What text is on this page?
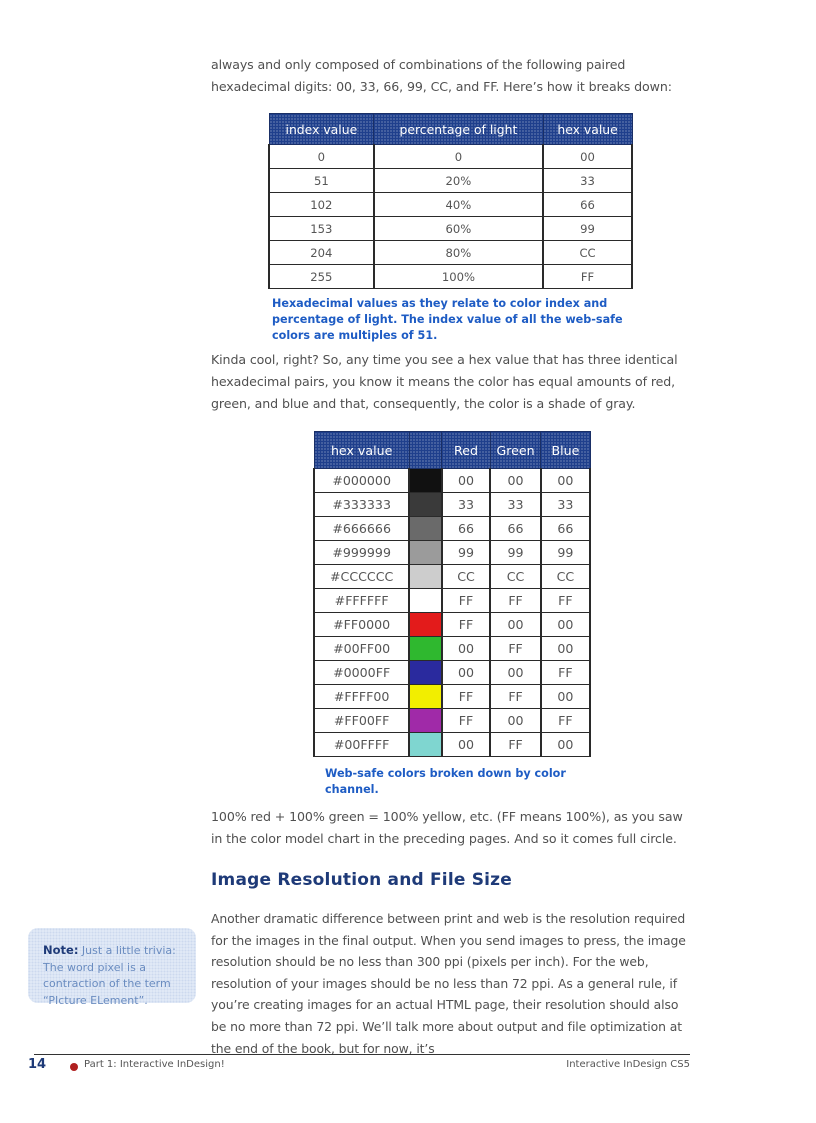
always and only composed of combinations of the following paired hexadecimal digits: 00, 33, 66, 99, CC, and FF. Here’s how it breaks down:

index value	percentage of light	hex value
0	0	00
51	20%	33
102	40%	66
153	60%	99
204	80%	CC
255	100%	FF

Hexadecimal values as they relate to color index and percentage of light. The index value of all the web-safe colors are multiples of 51.

Kinda cool, right? So, any time you see a hex value that has three identical hexadecimal pairs, you know it means the color has equal amounts of red, green, and blue and that, consequently, the color is a shade of gray.

hex value		Red	Green	Blue
#000000		00	00	00
#333333		33	33	33
#666666		66	66	66
#999999		99	99	99
#CCCCCC		CC	CC	CC
#FFFFFF		FF	FF	FF
#FF0000		FF	00	00
#00FF00		00	FF	00
#0000FF		00	00	FF
#FFFF00		FF	FF	00
#FF00FF		FF	00	FF
#00FFFF		00	FF	00

Web-safe colors broken down by color channel.

100% red + 100% green = 100% yellow, etc. (FF means 100%), as you saw in the color model chart in the preceding pages. And so it comes full circle.

Image Resolution and File Size

Another dramatic difference between print and web is the resolution required for the images in the final output. When you send images to press, the image resolution should be no less than 300 ppi (pixels per inch). For the web, resolution of your images should be no less than 72 ppi. As a general rule, if you’re creating images for an actual HTML page, their resolution should also be no more than 72 ppi. We’ll talk more about output and file optimization at the end of the book, but for now, it’s

Note: Just a little trivia: The word pixel is a contraction of the term “PIcture ELement”.

14	Part 1: Interactive InDesign!	Interactive InDesign CS5
